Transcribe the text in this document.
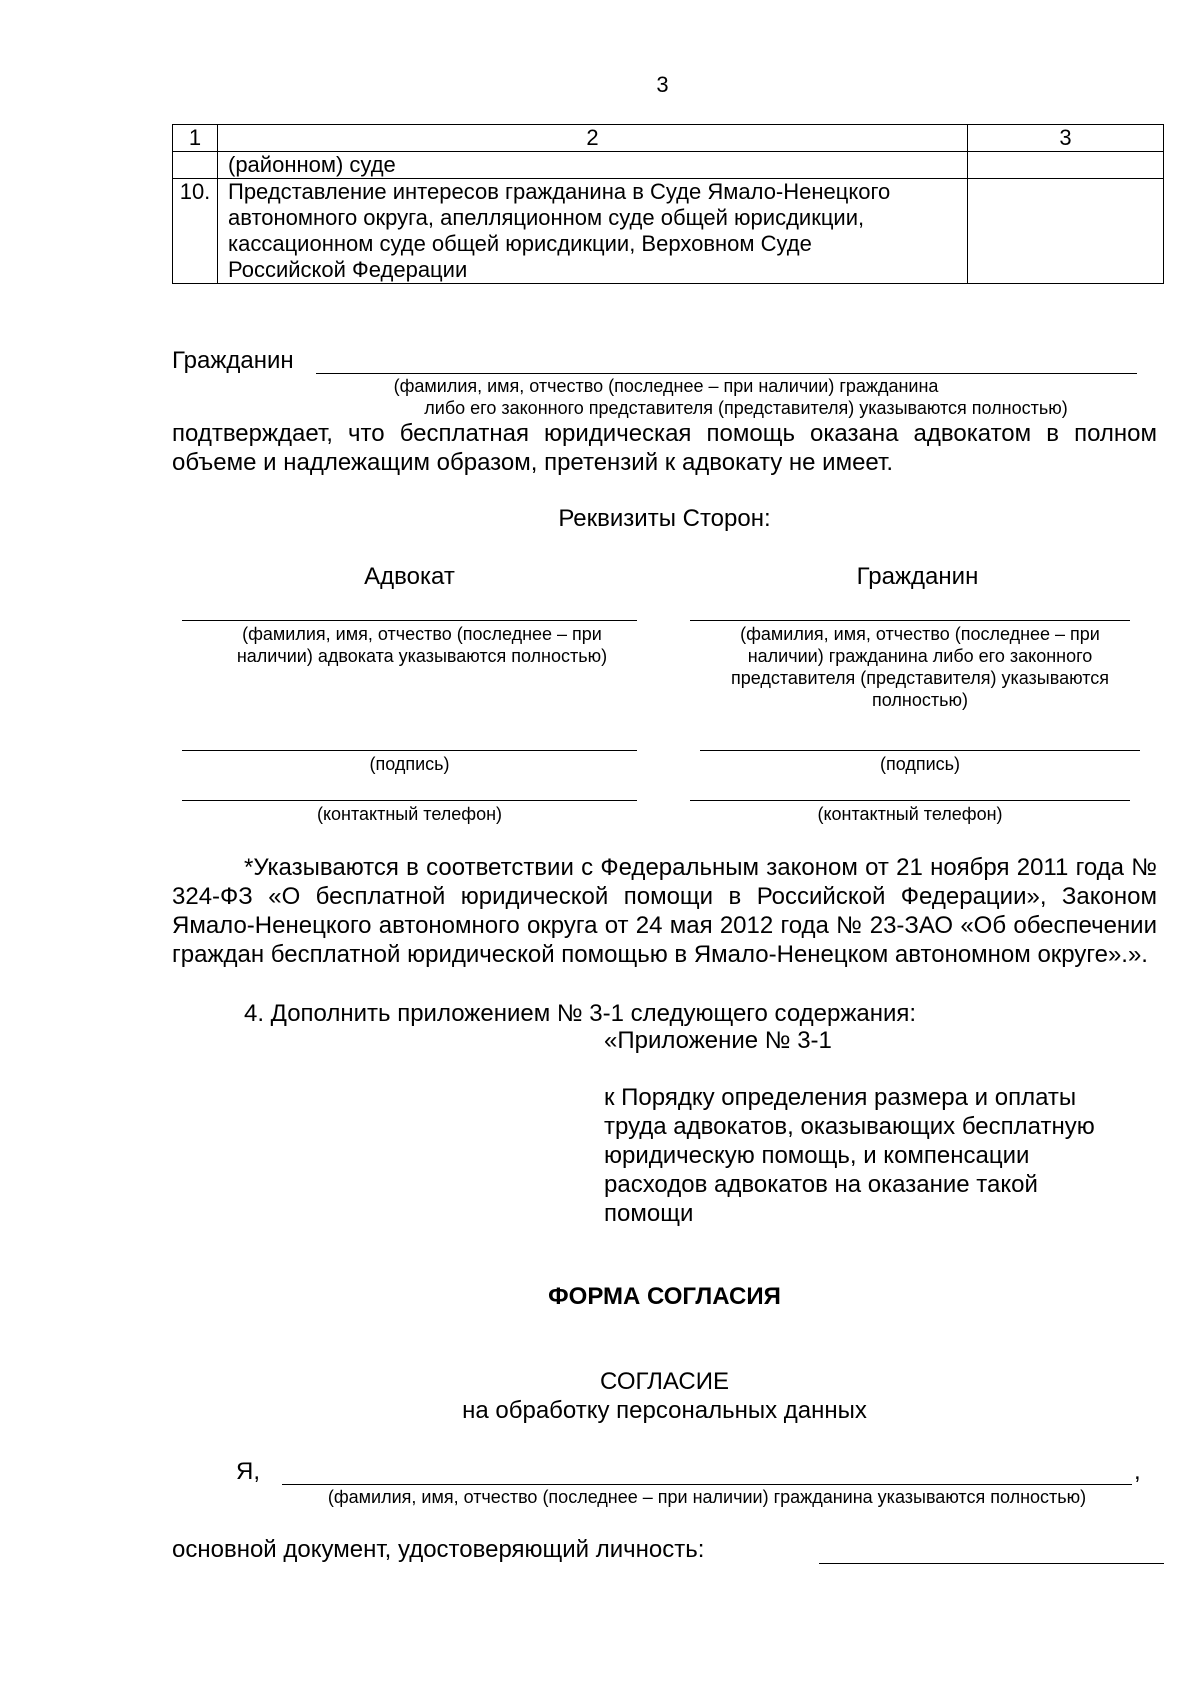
3
1	2	3
	(районном) суде	
10.	Представление интересов гражданина в Суде Ямало-Ненецкого автономного округа, апелляционном суде общей юрисдикции, кассационном суде общей юрисдикции, Верховном Суде Российской Федерации	
Гражданин
(фамилия, имя, отчество (последнее – при наличии) гражданина
либо его законного представителя (представителя) указываются полностью)
подтверждает, что бесплатная юридическая помощь оказана адвокатом в полном объеме и надлежащим образом, претензий к адвокату не имеет.
Реквизиты Сторон:
Адвокат	Гражданин
(фамилия, имя, отчество (последнее – при наличии) адвоката указываются полностью)
(фамилия, имя, отчество (последнее – при наличии) гражданина либо его законного представителя (представителя) указываются полностью)
(подпись)	(подпись)
(контактный телефон)	(контактный телефон)
*Указываются в соответствии с Федеральным законом от 21 ноября 2011 года № 324-ФЗ «О бесплатной юридической помощи в Российской Федерации», Законом Ямало-Ненецкого автономного округа от 24 мая 2012 года № 23-ЗАО «Об обеспечении граждан бесплатной юридической помощью в Ямало-Ненецком автономном округе».».
4. Дополнить приложением № 3-1 следующего содержания:
«Приложение № 3-1
к Порядку определения размера и оплаты
труда адвокатов, оказывающих бесплатную
юридическую помощь, и компенсации
расходов адвокатов на оказание такой
помощи
ФОРМА СОГЛАСИЯ
СОГЛАСИЕ
на обработку персональных данных
Я,	,
(фамилия, имя, отчество (последнее – при наличии) гражданина указываются полностью)
основной документ, удостоверяющий личность:
